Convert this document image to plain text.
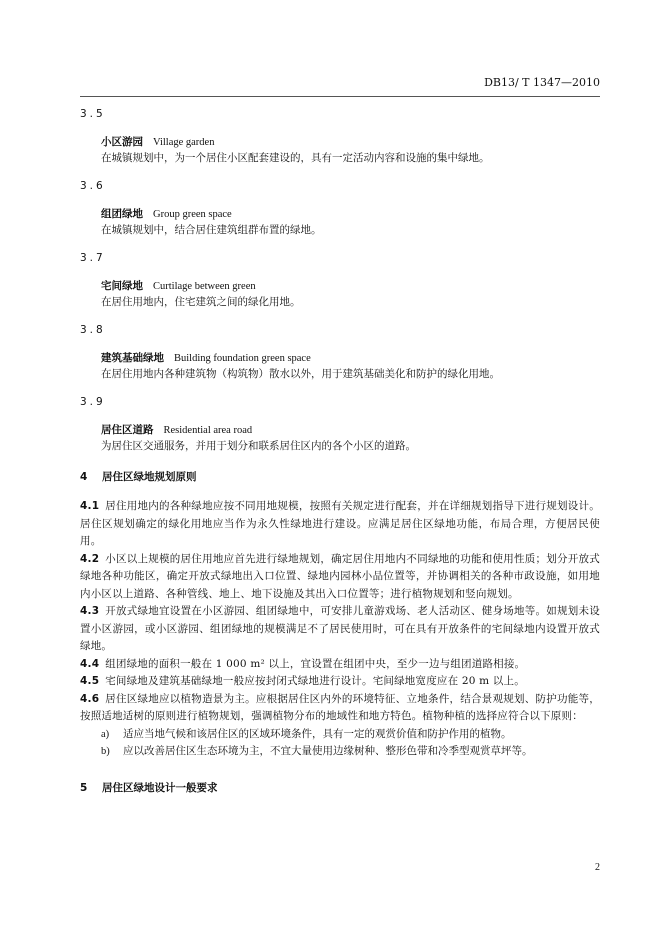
DB13/ T 1347—2010
3.5
小区游园 Village garden
在城镇规划中，为一个居住小区配套建设的，具有一定活动内容和设施的集中绿地。
3.6
组团绿地 Group green space
在城镇规划中，结合居住建筑组群布置的绿地。
3.7
宅间绿地 Curtilage between green
在居住用地内，住宅建筑之间的绿化用地。
3.8
建筑基础绿地 Building foundation green space
在居住用地内各种建筑物（构筑物）散水以外，用于建筑基础美化和防护的绿化用地。
3.9
居住区道路 Residential area road
为居住区交通服务，并用于划分和联系居住区内的各个小区的道路。
4 居住区绿地规划原则
4.1 居住用地内的各种绿地应按不同用地规模，按照有关规定进行配套，并在详细规划指导下进行规划设计。居住区规划确定的绿化用地应当作为永久性绿地进行建设。应满足居住区绿地功能，布局合理，方便居民使用。
4.2 小区以上规模的居住用地应首先进行绿地规划，确定居住用地内不同绿地的功能和使用性质；划分开放式绿地各种功能区，确定开放式绿地出入口位置、绿地内园林小品位置等，并协调相关的各种市政设施，如用地内小区以上道路、各种管线、地上、地下设施及其出入口位置等；进行植物规划和竖向规划。
4.3 开放式绿地宜设置在小区游园、组团绿地中，可安排儿童游戏场、老人活动区、健身场地等。如规划未设置小区游园，或小区游园、组团绿地的规模满足不了居民使用时，可在具有开放条件的宅间绿地内设置开放式绿地。
4.4 组团绿地的面积一般在 1 000 m² 以上，宜设置在组团中央，至少一边与组团道路相接。
4.5 宅间绿地及建筑基础绿地一般应按封闭式绿地进行设计。宅间绿地宽度应在 20 m 以上。
4.6 居住区绿地应以植物造景为主。应根据居住区内外的环境特征、立地条件，结合景观规划、防护功能等，按照适地适树的原则进行植物规划，强调植物分布的地域性和地方特色。植物种植的选择应符合以下原则：
a) 适应当地气候和该居住区的区域环境条件，具有一定的观赏价值和防护作用的植物。
b) 应以改善居住区生态环境为主，不宜大量使用边缘树种、整形色带和冷季型观赏草坪等。
5 居住区绿地设计一般要求
2
